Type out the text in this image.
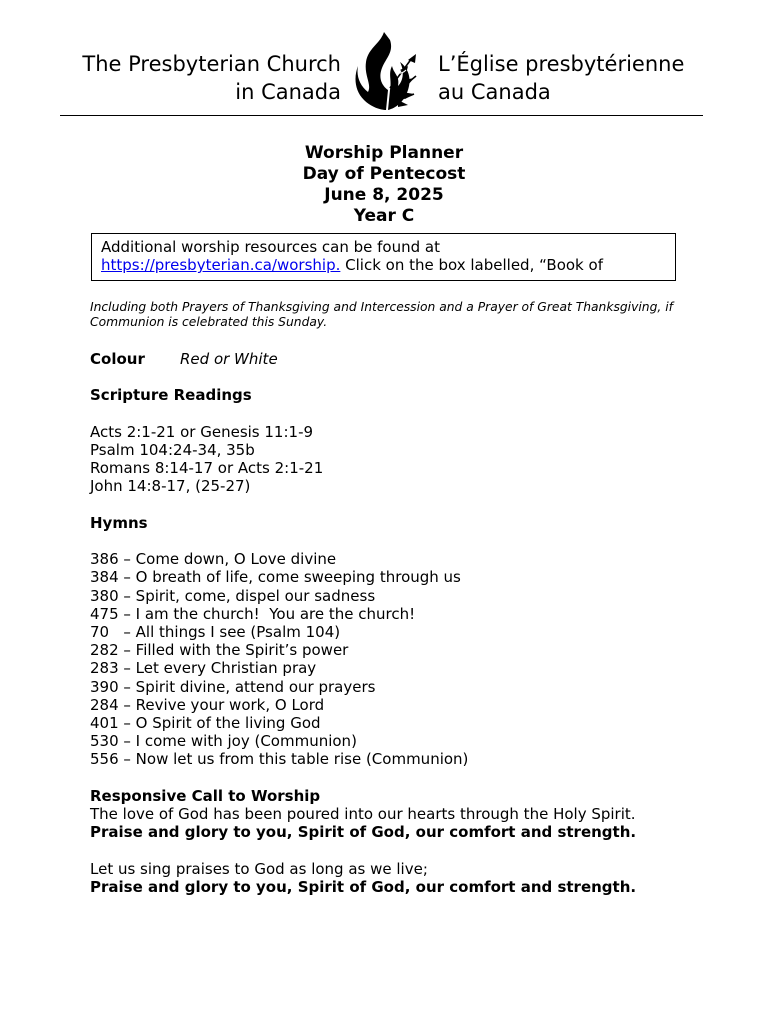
The Presbyterian Church
in Canada
L’Église presbytérienne
au Canada
Worship Planner
Day of Pentecost
June 8, 2025
Year C
Additional worship resources can be found at
https://presbyterian.ca/worship. Click on the box labelled, “Book of

Including both Prayers of Thanksgiving and Intercession and a Prayer of Great Thanksgiving, if Communion is celebrated this Sunday.

Colour Red or White

Scripture Readings

Acts 2:1-21 or Genesis 11:1-9

Psalm 104:24-34, 35b

Romans 8:14-17 or Acts 2:1-21

John 14:8-17, (25-27)

Hymns

386 – Come down, O Love divine

384 – O breath of life, come sweeping through us

380 – Spirit, come, dispel our sadness

475 – I am the church!  You are the church!

70   – All things I see (Psalm 104)

282 – Filled with the Spirit’s power

283 – Let every Christian pray

390 – Spirit divine, attend our prayers

284 – Revive your work, O Lord

401 – O Spirit of the living God

530 – I come with joy (Communion)

556 – Now let us from this table rise (Communion)

Responsive Call to Worship

The love of God has been poured into our hearts through the Holy Spirit.

Praise and glory to you, Spirit of God, our comfort and strength.

Let us sing praises to God as long as we live;

Praise and glory to you, Spirit of God, our comfort and strength.
